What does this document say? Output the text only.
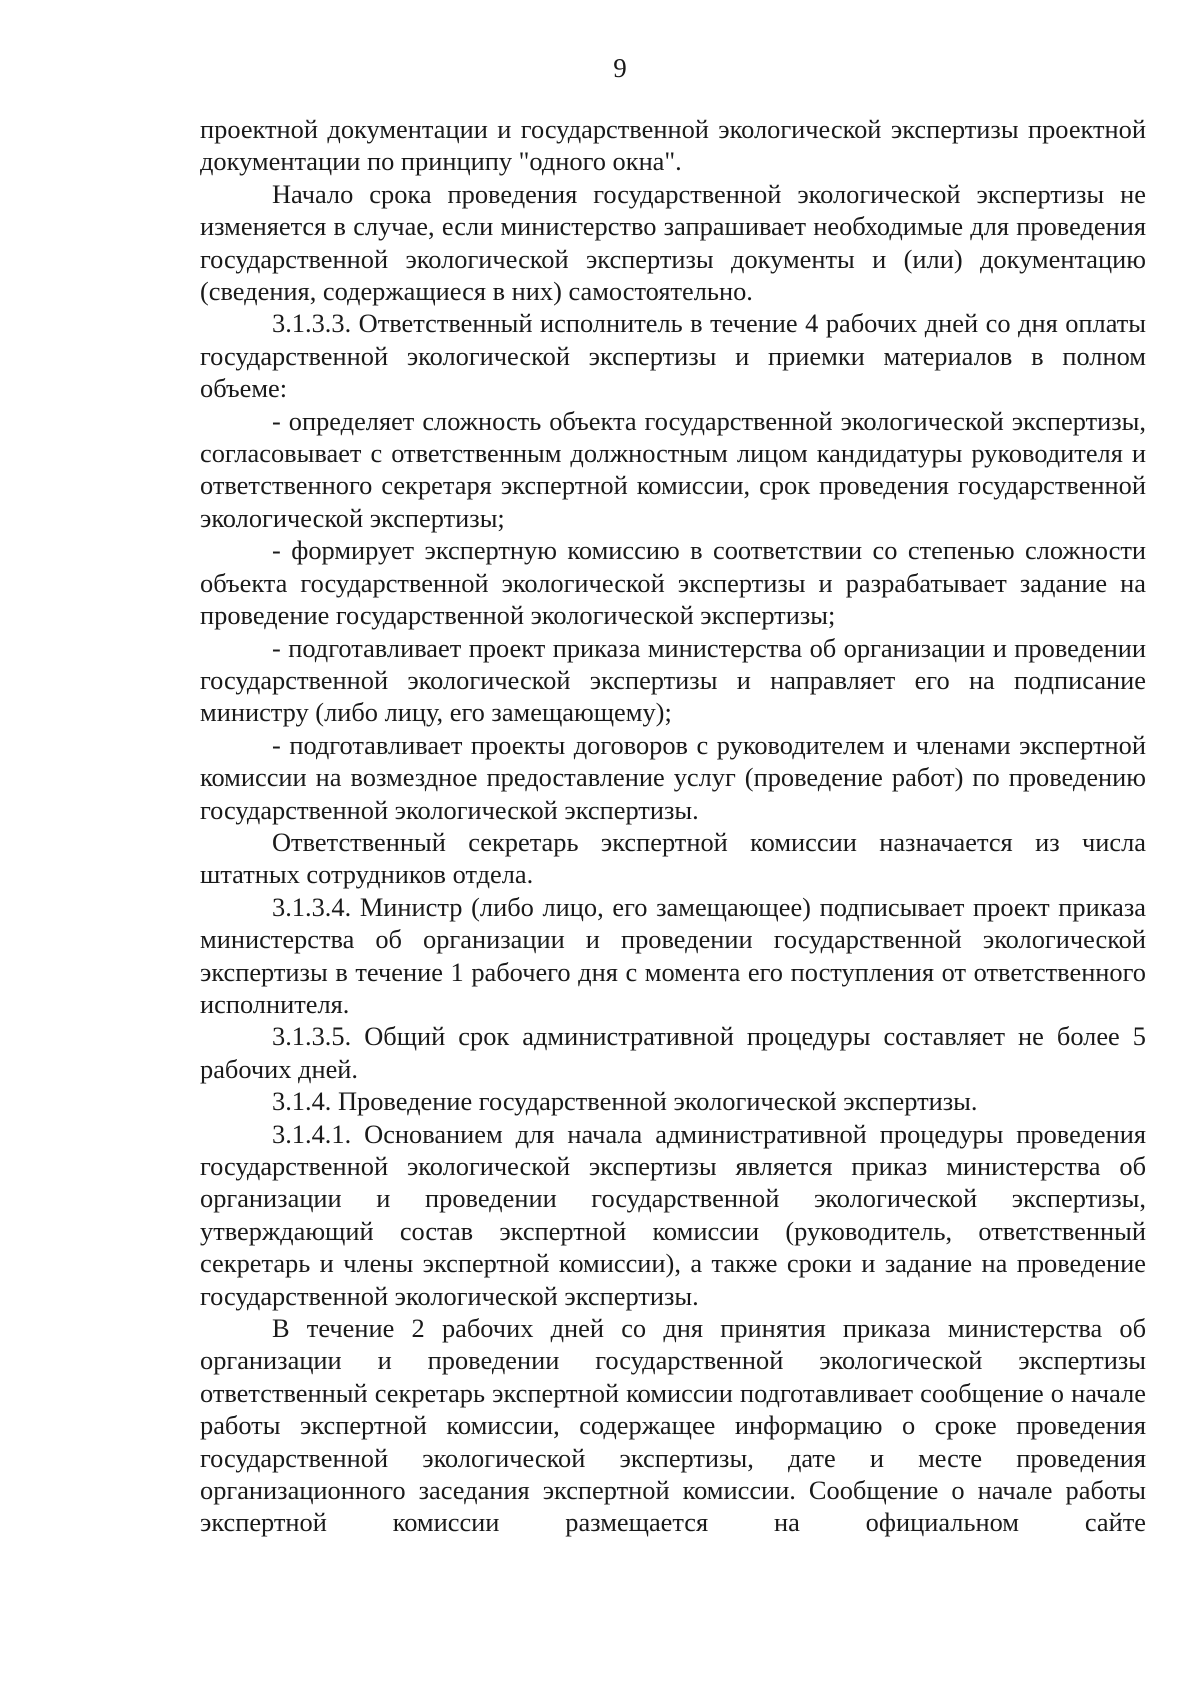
9

проектной документации и государственной экологической экспертизы проектной документации по принципу "одного окна".

Начало срока проведения государственной экологической экспертизы не изменяется в случае, если министерство запрашивает необходимые для проведения государственной экологической экспертизы документы и (или) документацию (сведения, содержащиеся в них) самостоятельно.

3.1.3.3. Ответственный исполнитель в течение 4 рабочих дней со дня оплаты государственной экологической экспертизы и приемки материалов в полном объеме:

- определяет сложность объекта государственной экологической экспертизы, согласовывает с ответственным должностным лицом кандидатуры руководителя и ответственного секретаря экспертной комиссии, срок проведения государственной экологической экспертизы;

- формирует экспертную комиссию в соответствии со степенью сложности объекта государственной экологической экспертизы и разрабатывает задание на проведение государственной экологической экспертизы;

- подготавливает проект приказа министерства об организации и проведении государственной экологической экспертизы и направляет его на подписание министру (либо лицу, его замещающему);

- подготавливает проекты договоров с руководителем и членами экспертной комиссии на возмездное предоставление услуг (проведение работ) по проведению государственной экологической экспертизы.

Ответственный секретарь экспертной комиссии назначается из числа штатных сотрудников отдела.

3.1.3.4. Министр (либо лицо, его замещающее) подписывает проект приказа министерства об организации и проведении государственной экологической экспертизы в течение 1 рабочего дня с момента его поступления от ответственного исполнителя.

3.1.3.5. Общий срок административной процедуры составляет не более 5 рабочих дней.

3.1.4. Проведение государственной экологической экспертизы.

3.1.4.1. Основанием для начала административной процедуры проведения государственной экологической экспертизы является приказ министерства об организации и проведении государственной экологической экспертизы, утверждающий состав экспертной комиссии (руководитель, ответственный секретарь и члены экспертной комиссии), а также сроки и задание на проведение государственной экологической экспертизы.

В течение 2 рабочих дней со дня принятия приказа министерства об организации и проведении государственной экологической экспертизы ответственный секретарь экспертной комиссии подготавливает сообщение о начале работы экспертной комиссии, содержащее информацию о сроке проведения государственной экологической экспертизы, дате и месте проведения организационного заседания экспертной комиссии. Сообщение о начале работы экспертной комиссии размещается на официальном сайте
